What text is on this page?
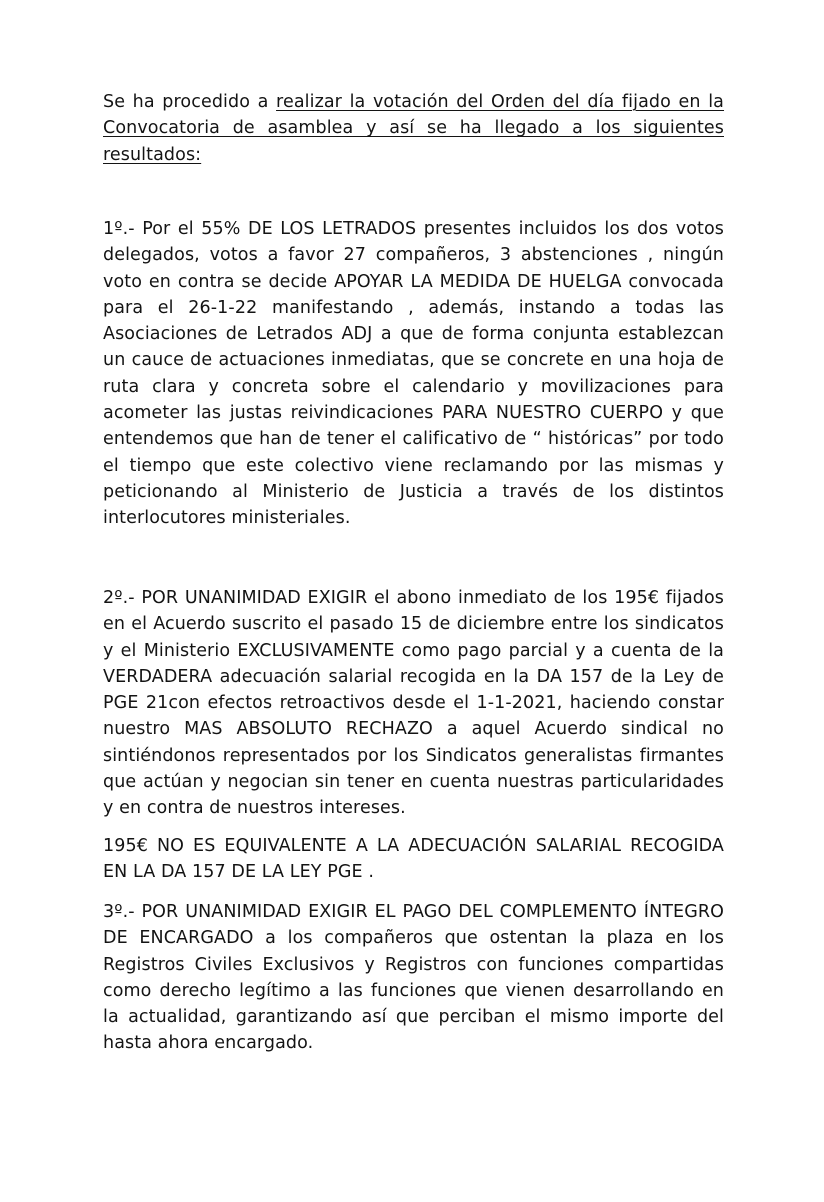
Se ha procedido a realizar la votación del Orden del día fijado en la Convocatoria de asamblea y así se ha llegado a los siguientes resultados:

1º.- Por el 55% DE LOS LETRADOS presentes incluidos los dos votos delegados, votos a favor 27 compañeros, 3 abstenciones , ningún voto en contra se decide APOYAR LA MEDIDA DE HUELGA convocada para el 26-1-22 manifestando , además, instando a todas las Asociaciones de Letrados ADJ a que de forma conjunta establezcan un cauce de actuaciones inmediatas, que se concrete en una hoja de ruta clara y concreta sobre el calendario y movilizaciones para acometer las justas reivindicaciones PARA NUESTRO CUERPO y que entendemos que han de tener el calificativo de “ históricas” por todo el tiempo que este colectivo viene reclamando por las mismas y peticionando al Ministerio de Justicia a través de los distintos interlocutores ministeriales.

2º.- POR UNANIMIDAD EXIGIR el abono inmediato de los 195€ fijados en el Acuerdo suscrito el pasado 15 de diciembre entre los sindicatos y el Ministerio EXCLUSIVAMENTE como pago parcial y a cuenta de la VERDADERA adecuación salarial recogida en la DA 157 de la Ley de PGE 21con efectos retroactivos desde el 1-1-2021, haciendo constar nuestro MAS ABSOLUTO RECHAZO a aquel Acuerdo sindical no sintiéndonos representados por los Sindicatos generalistas firmantes que actúan y negocian sin tener en cuenta nuestras particularidades y en contra de nuestros intereses.

195€ NO ES EQUIVALENTE A LA ADECUACIÓN SALARIAL RECOGIDA EN LA DA 157 DE LA LEY PGE .

3º.- POR UNANIMIDAD EXIGIR EL PAGO DEL COMPLEMENTO ÍNTEGRO DE ENCARGADO a los compañeros que ostentan la plaza en los Registros Civiles Exclusivos y Registros con funciones compartidas como derecho legítimo a las funciones que vienen desarrollando en la actualidad, garantizando así que perciban el mismo importe del hasta ahora encargado.
